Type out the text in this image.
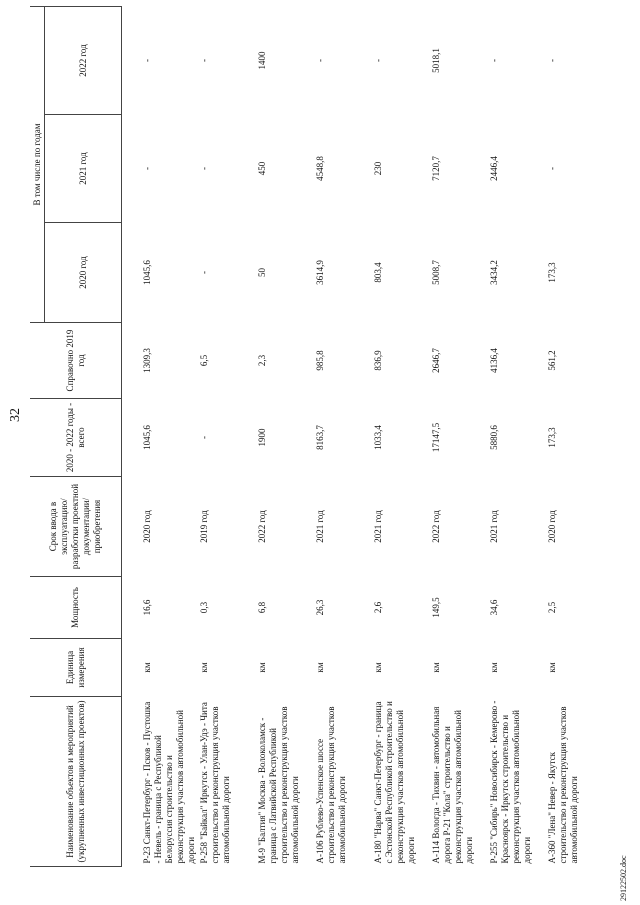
32
Наименование объектов и мероприятий (укрупненных инвестиционных проектов)	Единица измерения	Мощность	Срок ввода в эксплуатацию/ разработки проектной документации/ приобретения	2020 - 2022 годы - всего	Справочно 2019 год	В том числе по годам		
						2020 год	2021 год	2022 год
Р-23 Санкт-Петербург - Псков - Пустошка - Невель - граница с Республикой Белоруссия строительство и реконструкция участков автомобильной дороги	км	16,6	2020 год	1045,6	1309,3	1045,6	-	-
Р-258 "Байкал" Иркутск - Улан-Удэ - Чита строительство и реконструкция участков автомобильной дороги	км	0,3	2019 год	-	6,5	-	-	-
М-9 "Балтия" Москва - Волоколамск - граница с Латвийской Республикой строительство и реконструкция участков автомобильной дороги	км	6,8	2022 год	1900	2,3	50	450	1400
А-106 Рублево-Успенское шоссе строительство и реконструкция участков автомобильной дороги	км	26,3	2021 год	8163,7	985,8	3614,9	4548,8	-
А-180 "Нарва" Санкт-Петербург - граница с Эстонской Республикой строительство и реконструкция участков автомобильной дороги	км	2,6	2021 год	1033,4	836,9	803,4	230	-
А-114 Вологда - Тихвин - автомобильная дорога Р-21 "Кола" строительство и реконструкция участков автомобильной дороги	км	149,5	2022 год	17147,5	2646,7	5008,7	7120,7	5018,1
Р-255 "Сибирь" Новосибирск - Кемерово - Красноярск - Иркутск строительство и реконструкция участков автомобильной дороги	км	34,6	2021 год	5880,6	4136,4	3434,2	2446,4	-
А-360 "Лена" Невер - Якутск строительство и реконструкция участков автомобильной дороги	км	2,5	2020 год	173,3	561,2	173,3	-	-
29122502.doc
